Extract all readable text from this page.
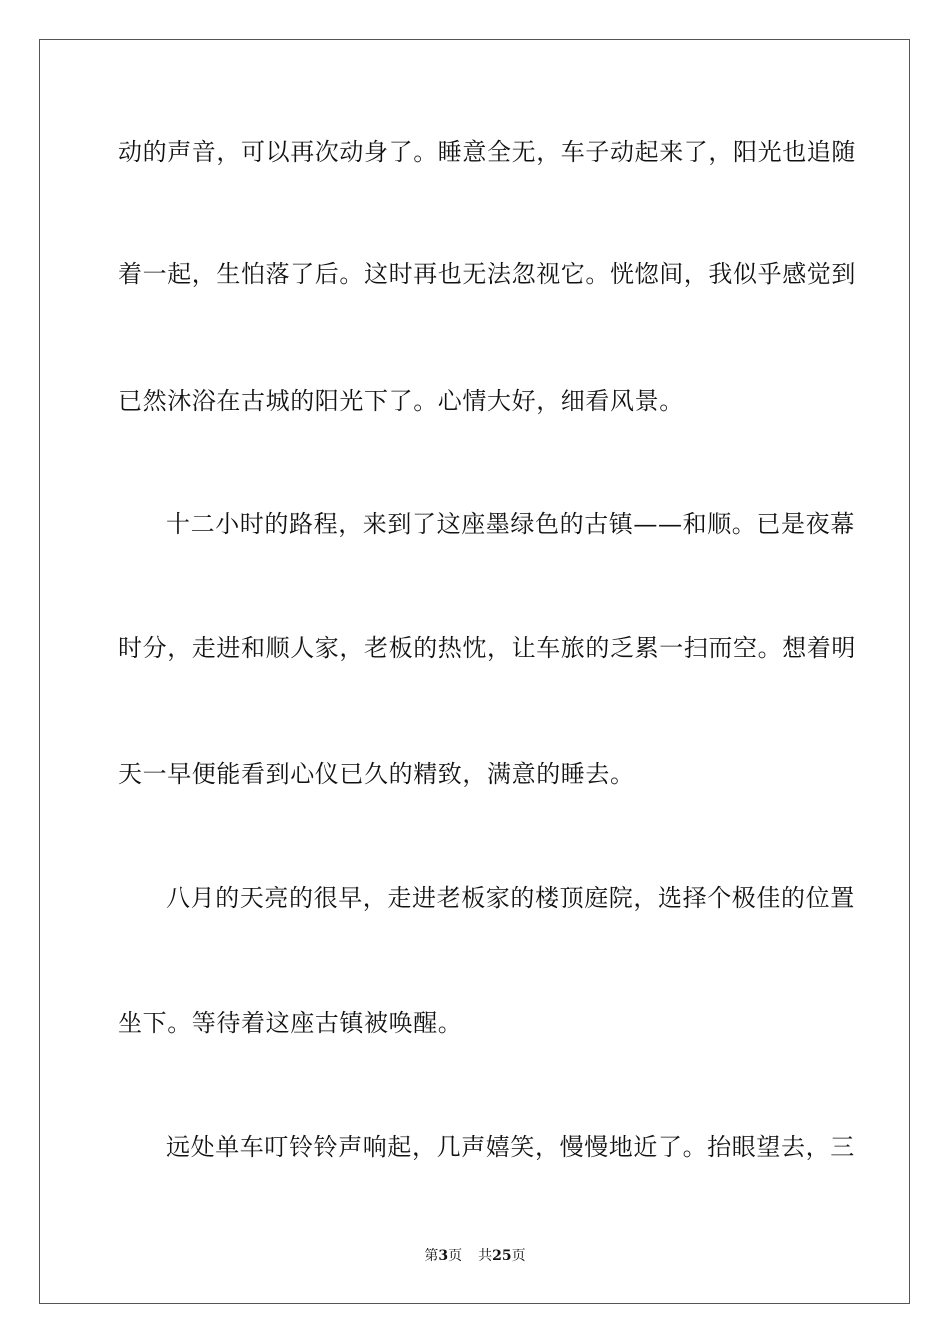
动的声音，可以再次动身了。睡意全无，车子动起来了，阳光也追随
着一起，生怕落了后。这时再也无法忽视它。恍惚间，我似乎感觉到
已然沐浴在古城的阳光下了。心情大好，细看风景。
十二小时的路程，来到了这座墨绿色的古镇——和顺。已是夜幕
时分，走进和顺人家，老板的热忱，让车旅的乏累一扫而空。想着明
天一早便能看到心仪已久的精致，满意的睡去。
八月的天亮的很早，走进老板家的楼顶庭院，选择个极佳的位置
坐下。等待着这座古镇被唤醒。
远处单车叮铃铃声响起，几声嬉笑，慢慢地近了。抬眼望去，三
第3页 共25页
